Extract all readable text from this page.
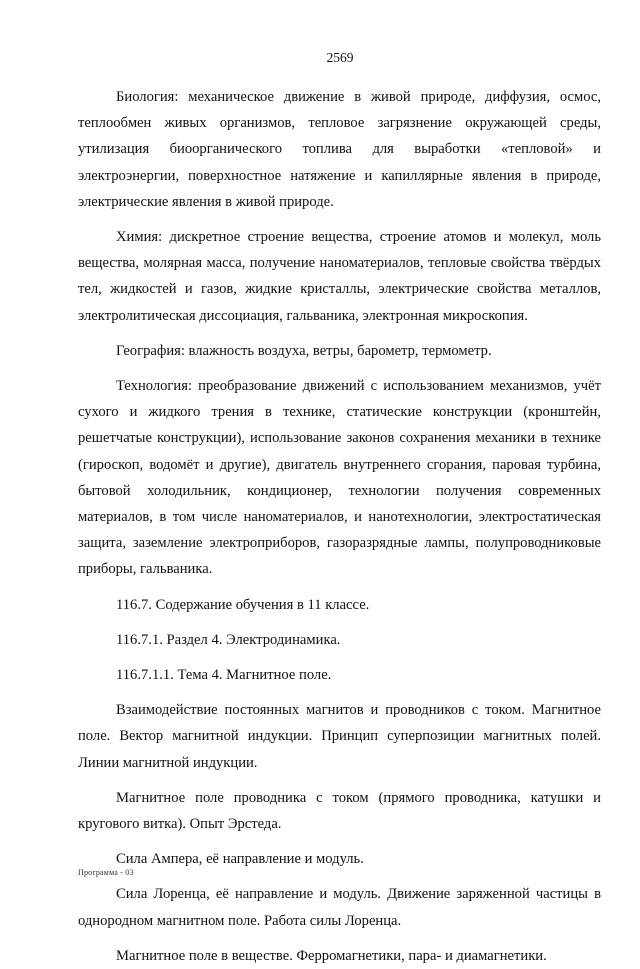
2569

Биология: механическое движение в живой природе, диффузия, осмос, теплообмен живых организмов, тепловое загрязнение окружающей среды, утилизация биоорганического топлива для выработки «тепловой» и электроэнергии, поверхностное натяжение и капиллярные явления в природе, электрические явления в живой природе.

Химия: дискретное строение вещества, строение атомов и молекул, моль вещества, молярная масса, получение наноматериалов, тепловые свойства твёрдых тел, жидкостей и газов, жидкие кристаллы, электрические свойства металлов, электролитическая диссоциация, гальваника, электронная микроскопия.

География: влажность воздуха, ветры, барометр, термометр.

Технология: преобразование движений с использованием механизмов, учёт сухого и жидкого трения в технике, статические конструкции (кронштейн, решетчатые конструкции), использование законов сохранения механики в технике (гироскоп, водомёт и другие), двигатель внутреннего сгорания, паровая турбина, бытовой холодильник, кондиционер, технологии получения современных материалов, в том числе наноматериалов, и нанотехнологии, электростатическая защита, заземление электроприборов, газоразрядные лампы, полупроводниковые приборы, гальваника.

116.7. Содержание обучения в 11 классе.

116.7.1. Раздел 4. Электродинамика.

116.7.1.1. Тема 4. Магнитное поле.

Взаимодействие постоянных магнитов и проводников с током. Магнитное поле. Вектор магнитной индукции. Принцип суперпозиции магнитных полей. Линии магнитной индукции.

Магнитное поле проводника с током (прямого проводника, катушки и кругового витка). Опыт Эрстеда.

Сила Ампера, её направление и модуль.

Сила Лоренца, её направление и модуль. Движение заряженной частицы в однородном магнитном поле. Работа силы Лоренца.

Магнитное поле в веществе. Ферромагнетики, пара- и диамагнетики.

Программа - 03
